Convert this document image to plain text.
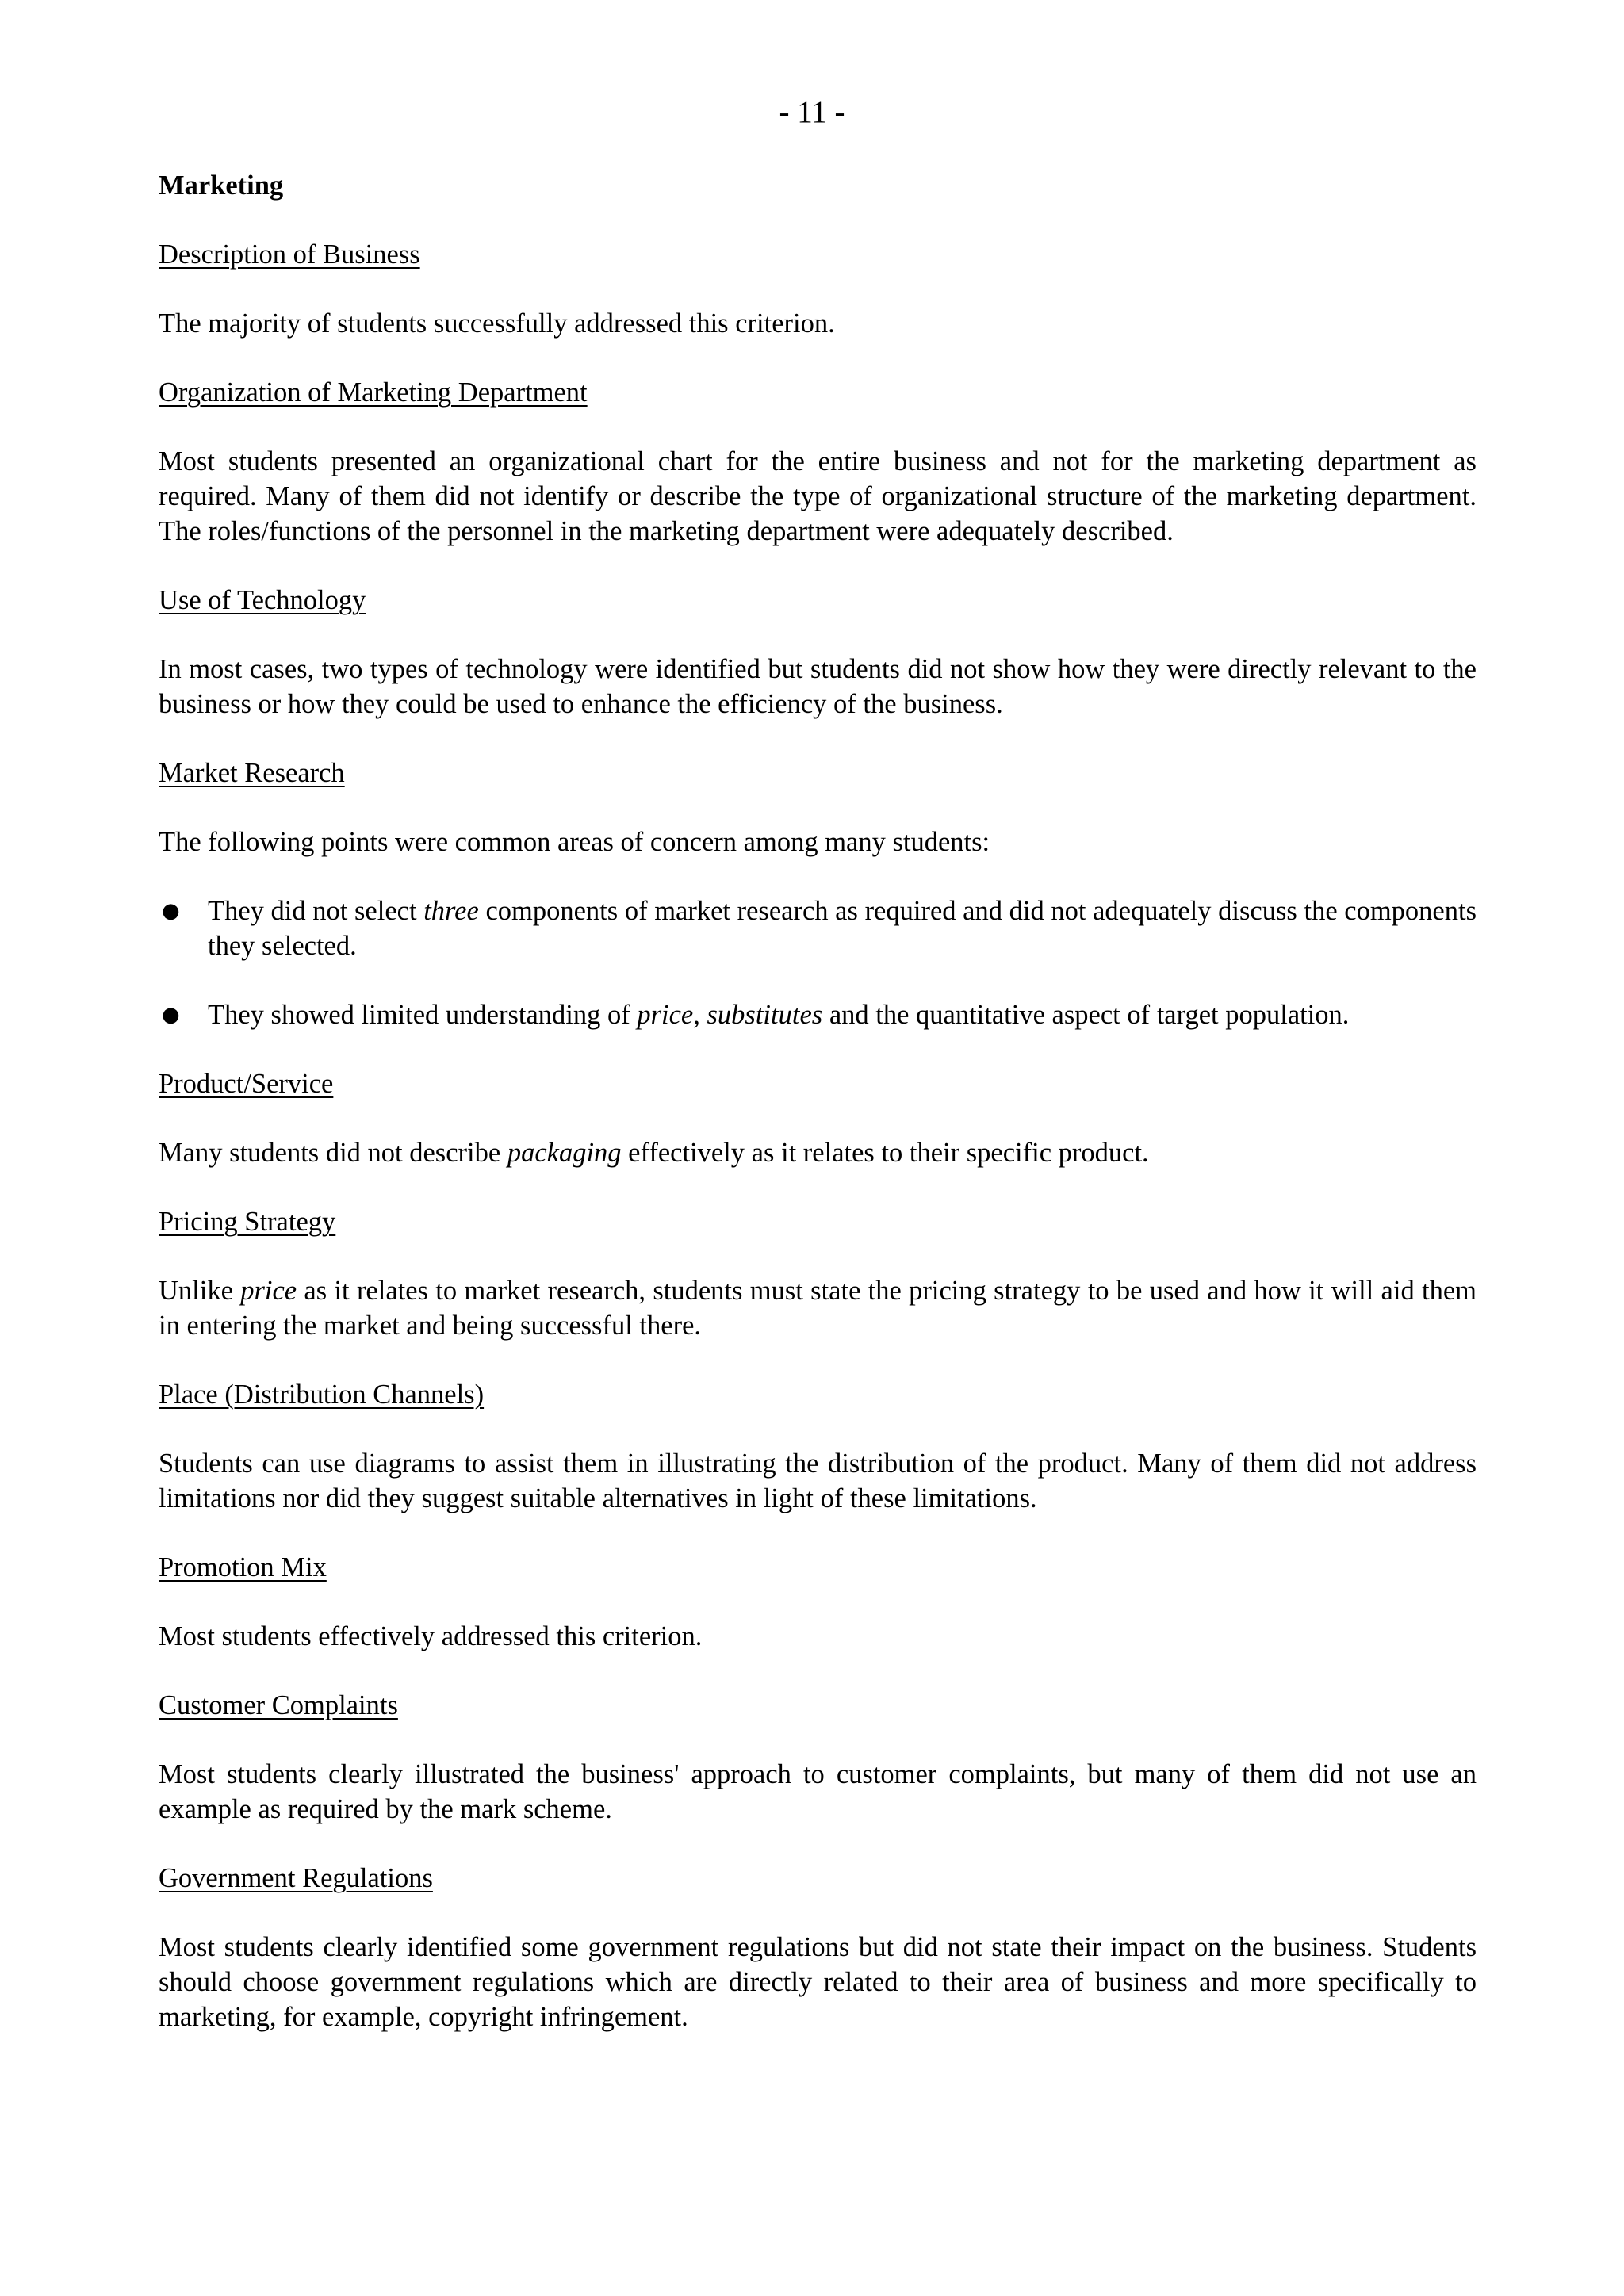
- 11 -

Marketing

Description of Business

The majority of students successfully addressed this criterion.

Organization of Marketing Department

Most students presented an organizational chart for the entire business and not for the marketing department as required. Many of them did not identify or describe the type of organizational structure of the marketing department. The roles/functions of the personnel in the marketing department were adequately described.

Use of Technology

In most cases, two types of technology were identified but students did not show how they were directly relevant to the business or how they could be used to enhance the efficiency of the business.

Market Research

The following points were common areas of concern among many students:

● They did not select three components of market research as required and did not adequately discuss the components they selected.
● They showed limited understanding of price, substitutes and the quantitative aspect of target population.

Product/Service

Many students did not describe packaging effectively as it relates to their specific product.

Pricing Strategy

Unlike price as it relates to market research, students must state the pricing strategy to be used and how it will aid them in entering the market and being successful there.

Place (Distribution Channels)

Students can use diagrams to assist them in illustrating the distribution of the product. Many of them did not address limitations nor did they suggest suitable alternatives in light of these limitations.

Promotion Mix

Most students effectively addressed this criterion.

Customer Complaints

Most students clearly illustrated the business' approach to customer complaints, but many of them did not use an example as required by the mark scheme.

Government Regulations

Most students clearly identified some government regulations but did not state their impact on the business. Students should choose government regulations which are directly related to their area of business and more specifically to marketing, for example, copyright infringement.
